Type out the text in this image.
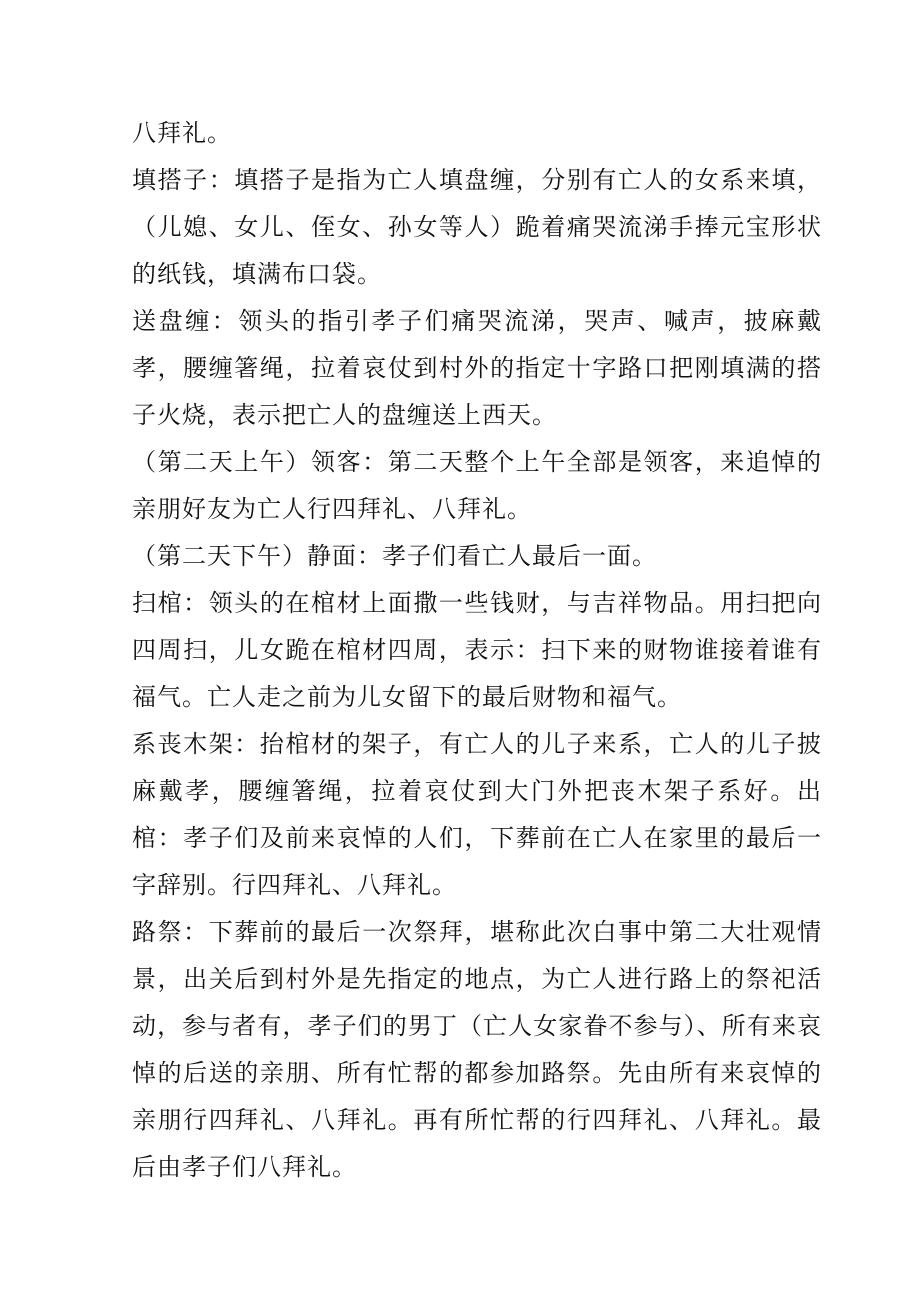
八拜礼。

填搭子：填搭子是指为亡人填盘缠，分别有亡人的女系来填，（儿媳、女儿、侄女、孙女等人）跪着痛哭流涕手捧元宝形状的纸钱，填满布口袋。

送盘缠：领头的指引孝子们痛哭流涕，哭声、喊声，披麻戴孝，腰缠箸绳，拉着哀仗到村外的指定十字路口把刚填满的搭子火烧，表示把亡人的盘缠送上西天。

（第二天上午）领客：第二天整个上午全部是领客，来追悼的亲朋好友为亡人行四拜礼、八拜礼。

（第二天下午）静面：孝子们看亡人最后一面。

扫棺：领头的在棺材上面撒一些钱财，与吉祥物品。用扫把向四周扫，儿女跪在棺材四周，表示：扫下来的财物谁接着谁有福气。亡人走之前为儿女留下的最后财物和福气。

系丧木架：抬棺材的架子，有亡人的儿子来系，亡人的儿子披麻戴孝，腰缠箸绳，拉着哀仗到大门外把丧木架子系好。出棺：孝子们及前来哀悼的人们，下葬前在亡人在家里的最后一字辞别。行四拜礼、八拜礼。

路祭：下葬前的最后一次祭拜，堪称此次白事中第二大壮观情景，出关后到村外是先指定的地点，为亡人进行路上的祭祀活动，参与者有，孝子们的男丁（亡人女家眷不参与）、所有来哀悼的后送的亲朋、所有忙帮的都参加路祭。先由所有来哀悼的亲朋行四拜礼、八拜礼。再有所忙帮的行四拜礼、八拜礼。最后由孝子们八拜礼。
